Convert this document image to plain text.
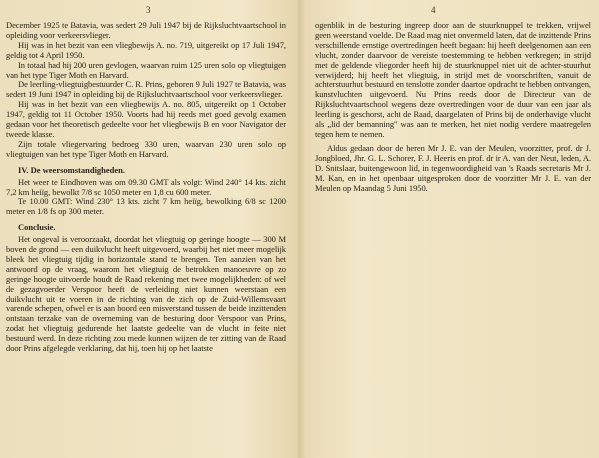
3

December 1925 te Batavia, was sedert 29 Juli 1947 bij de Rijksluchtvaartschool in opleiding voor verkeersvlieger.

Hij was in het bezit van een vliegbewijs A. no. 719, uitgereikt op 17 Juli 1947, geldig tot 4 April 1950.

In totaal had hij 200 uren gevlogen, waarvan ruim 125 uren solo op vliegtuigen van het type Tiger Moth en Harvard.

De leerling-vliegtuigbestuurder C. R. Prins, geboren 9 Juli 1927 te Batavia, was sedert 19 Juni 1947 in opleiding bij de Rijksluchtvaartschool voor verkeersvlieger.

Hij was in het bezit van een vliegbewijs A. no. 805, uitgereikt op 1 October 1947, geldig tot 11 October 1950. Voorts had hij reeds met goed gevolg examen gedaan voor het theoretisch gedeelte voor het vliegbewijs B en voor Navigator der tweede klasse.

Zijn totale vliegervaring bedroeg 330 uren, waarvan 230 uren solo op vliegtuigen van het type Tiger Moth en Harvard.

IV. De weersomstandigheden.

Het weer te Eindhoven was om 09.30 GMT als volgt: Wind 240° 14 kts. zicht 7,2 km heiïg, bewolkt 7/8 sc 1050 meter en 1,8 cu 600 meter.

Te 10.00 GMT: Wind 230° 13 kts. zicht 7 km heiïg, bewolking 6/8 sc 1200 meter en 1/8 fs op 300 meter.

Conclusie.

Het ongeval is veroorzaakt, doordat het vliegtuig op geringe hoogte — 300 M boven de grond — een duikvlucht heeft uitgevoerd, waarbij het niet meer mogelijk bleek het vliegtuig tijdig in horizontale stand te brengen. Ten aanzien van het antwoord op de vraag, waarom het vliegtuig de betrokken manoeuvre op zo geringe hoogte uitvoerde houdt de Raad rekening met twee mogelijkheden: of wel de gezagvoerder Verspoor heeft de verleiding niet kunnen weerstaan een duikvlucht uit te voeren in de richting van de zich op de Zuid-Willemsvaart varende schepen, ofwel er is aan boord een misverstand tussen de beide inzittenden ontstaan terzake van de overneming van de besturing door Verspoor van Prins, zodat het vliegtuig gedurende het laatste gedeelte van de vlucht in feite niet bestuurd werd. In deze richting zou mede kunnen wijzen de ter zitting van de Raad door Prins afgelegde verklaring, dat hij, toen hij op het laatste

4

ogenblik in de besturing ingreep door aan de stuurknuppel te trekken, vrijwel geen weerstand voelde. De Raad mag niet onvermeld laten, dat de inzittende Prins verschillende ernstige overtredingen heeft begaan: hij heeft deelgenomen aan een vlucht, zonder daarvoor de vereiste toestemming te hebben verkregen; in strijd met de geldende vliegorder heeft hij de stuurknuppel niet uit de achter-stuurhut verwijderd; hij heeft het vliegtuig, in strijd met de voorschriften, vanuit de achterstuurhut bestuurd en tenslotte zonder daartoe opdracht te hebben ontvangen, kunstvluchten uitgevoerd. Nu Prins reeds door de Directeur van de Rijksluchtvaartschool wegens deze overtredingen voor de duur van een jaar als leerling is geschorst, acht de Raad, daargelaten of Prins bij de onderhavige vlucht als „lid der bemanning" was aan te merken, het niet nodig verdere maatregelen tegen hem te nemen.

Aldus gedaan door de heren Mr J. E. van der Meulen, voorzitter, prof. dr J. Jongbloed, Jhr. G. L. Schorer, F. J. Heeris en prof. dr ir A. van der Neut, leden, A. D. Snitslaar, buitengewoon lid, in tegenwoordigheid van 's Raads secretaris Mr J. M. Kan, en in het openbaar uitgesproken door de voorzitter Mr J. E. van der Meulen op Maandag 5 Juni 1950.
